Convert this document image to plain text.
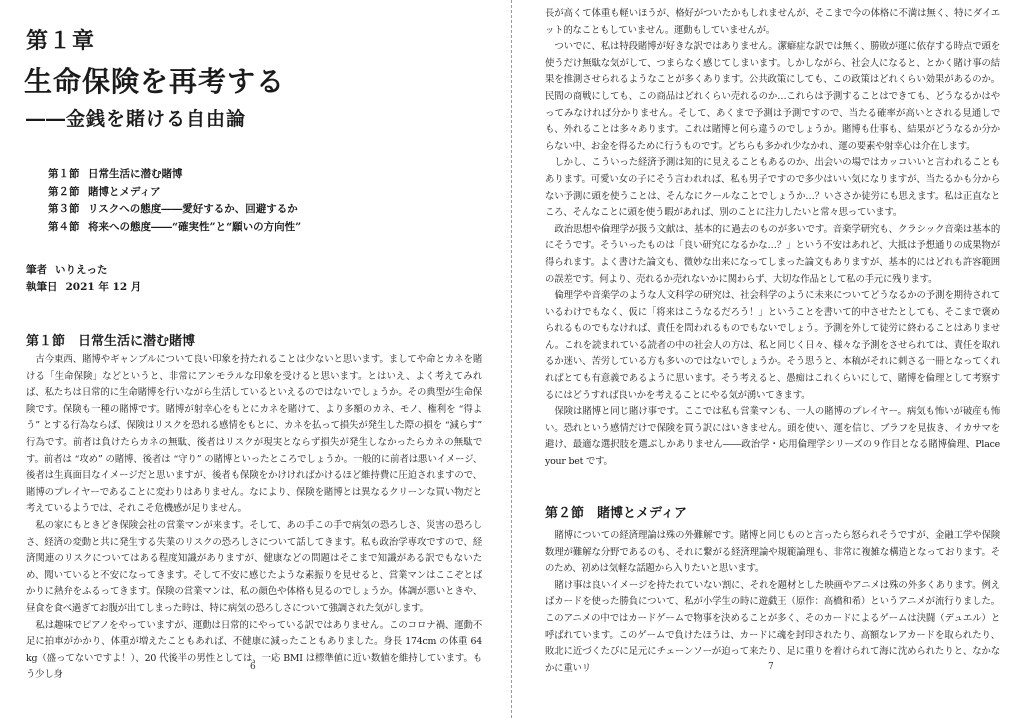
第１章
生命保険を再考する
――金銭を賭ける自由論
第１節 日常生活に潜む賭博
第２節 賭博とメディア
第３節 リスクへの態度――愛好するか、回避するか
第４節 将来への態度――“確実性”と“願いの方向性”
筆者 いりえった
執筆日 2021 年 12 月
第１節　日常生活に潜む賭博

古今東西、賭博やギャンブルについて良い印象を持たれることは少ないと思います。ましてや命とカネを賭ける「生命保険」などというと、非常にアンモラルな印象を受けると思います。とはいえ、よく考えてみれば、私たちは日常的に生命賭博を行いながら生活しているといえるのではないでしょうか。その典型が生命保険です。保険も一種の賭博です。賭博が射幸心をもとにカネを賭けて、より多額のカネ、モノ、権利を “得よう” とする行為ならば、保険はリスクを恐れる感情をもとに、カネを払って損失が発生した際の損を “減らす” 行為です。前者は負けたらカネの無駄、後者はリスクが現実とならず損失が発生しなかったらカネの無駄です。前者は “攻め” の賭博、後者は “守り” の賭博といったところでしょうか。一般的に前者は悪いイメージ、後者は生真面目なイメージだと思いますが、後者も保険をかけければかけるほど維持費に圧迫されますので、賭博のプレイヤーであることに変わりはありません。なにより、保険を賭博とは異なるクリーンな買い物だと考えているようでは、それこそ危機感が足りません。

私の家にもときどき保険会社の営業マンが来ます。そして、あの手この手で病気の恐ろしさ、災害の恐ろしさ、経済の変動と共に発生する失業のリスクの恐ろしさについて話してきます。私も政治学専攻ですので、経済関連のリスクについてはある程度知識がありますが、健康などの問題はそこまで知識がある訳でもないため、聞いていると不安になってきます。そして不安に感じたような素振りを見せると、営業マンはここぞとばかりに熱弁をふるってきます。保険の営業マンは、私の顔色や体格も見るのでしょうか。体調が悪いときや、昼食を食べ過ぎてお腹が出てしまった時は、特に病気の恐ろしさについて強調された気がします。

私は趣味でピアノをやっていますが、運動は日常的にやっている訳ではありません。このコロナ禍、運動不足に拍車がかかり、体重が増えたこともあれば、不健康に減ったこともありました。身長 174cm の体重 64 kg（盛ってないですよ！）、20 代後半の男性としては、一応 BMI は標準値に近い数値を維持しています。もう少し身

6

長が高くて体重も軽いほうが、格好がついたかもしれませんが、そこまで今の体格に不満は無く、特にダイエット的なこともしていません。運動もしていませんが。

ついでに、私は特段賭博が好きな訳ではありません。潔癖症な訳では無く、勝敗が運に依存する時点で頭を使うだけ無駄な気がして、つまらなく感じてしまいます。しかしながら、社会人になると、とかく賭け事の結果を推測させられるようなことが多くあります。公共政策にしても、この政策はどれくらい効果があるのか。民間の商戦にしても、この商品はどれくらい売れるのか…これらは予測することはできても、どうなるかはやってみなければ分かりません。そして、あくまで予測は予測ですので、当たる確率が高いとされる見通しでも、外れることは多々あります。これは賭博と何ら違うのでしょうか。賭博も仕事も、結果がどうなるか分からない中、お金を得るために行うものです。どちらも多かれ少なかれ、運の要素や射幸心は介在します。

しかし、こういった経済予測は知的に見えることもあるのか、出会いの場ではカッコいいと言われることもあります。可愛い女の子にそう言われれば、私も男子ですので多少はいい気になりますが、当たるかも分からない予測に頭を使うことは、そんなにクールなことでしょうか…？いささか徒労にも思えます。私は正直なところ、そんなことに頭を使う暇があれば、別のことに注力したいと常々思っています。

政治思想や倫理学が扱う文献は、基本的に過去のものが多いです。音楽学研究も、クラシック音楽は基本的にそうです。そういったものは「良い研究になるかな…？」という不安はあれど、大抵は予想通りの成果物が得られます。よく書けた論文も、微妙な出来になってしまった論文もありますが、基本的にはどれも許容範囲の誤差です。何より、売れるか売れないかに関わらず、大切な作品として私の手元に残ります。

倫理学や音楽学のような人文科学の研究は、社会科学のように未来についてどうなるかの予測を期待されているわけでもなく、仮に「将来はこうなるだろう！」ということを書いて的中させたとしても、そこまで褒められるものでもなければ、責任を問われるものでもないでしょう。予測を外して徒労に終わることはありません。これを読まれている読者の中の社会人の方は、私と同じく日々、様々な予測をさせられては、責任を取れるか迷い、苦労している方も多いのではないでしょうか。そう思うと、本稿がそれに刺さる一冊となってくれればとても有意義であるように思います。そう考えると、愚痴はこれくらいにして、賭博を倫理として考察するにはどうすれば良いかを考えることにやる気が湧いてきます。

保険は賭博と同じ賭け事です。ここでは私も営業マンも、一人の賭博のプレイヤー。病気も怖いが破産も怖い。恐れという感情だけで保険を買う訳にはいきません。頭を使い、運を信じ、ブラフを見抜き、イカサマを避け、最適な選択肢を選ぶしかありません――政治学・応用倫理学シリーズの９作目となる賭博倫理、Place your bet です。

第２節　賭博とメディア

賭博についての経済理論は殊の外難解です。賭博と同じものと言ったら怒られそうですが、金融工学や保険数理が難解な分野であるのも、それに繋がる経済理論や規範論理も、非常に複雑な構造となっております。そのため、初めは気軽な話題から入りたいと思います。

賭け事は良いイメージを持たれていない割に、それを題材とした映画やアニメは殊の外多くあります。例えばカードを使った勝負について、私が小学生の時に遊戯王（原作：高橋和希）というアニメが流行りました。このアニメの中ではカードゲームで物事を決めることが多く、そのカードによるゲームは決闘（デュエル）と呼ばれています。このゲームで負けたほうは、カードに魂を封印されたり、高額なレアカードを取られたり、敗北に近づくたびに足元にチェーンソーが迫って来たり、足に重りを着けられて海に沈められたりと、なかなかに重いリ	7
